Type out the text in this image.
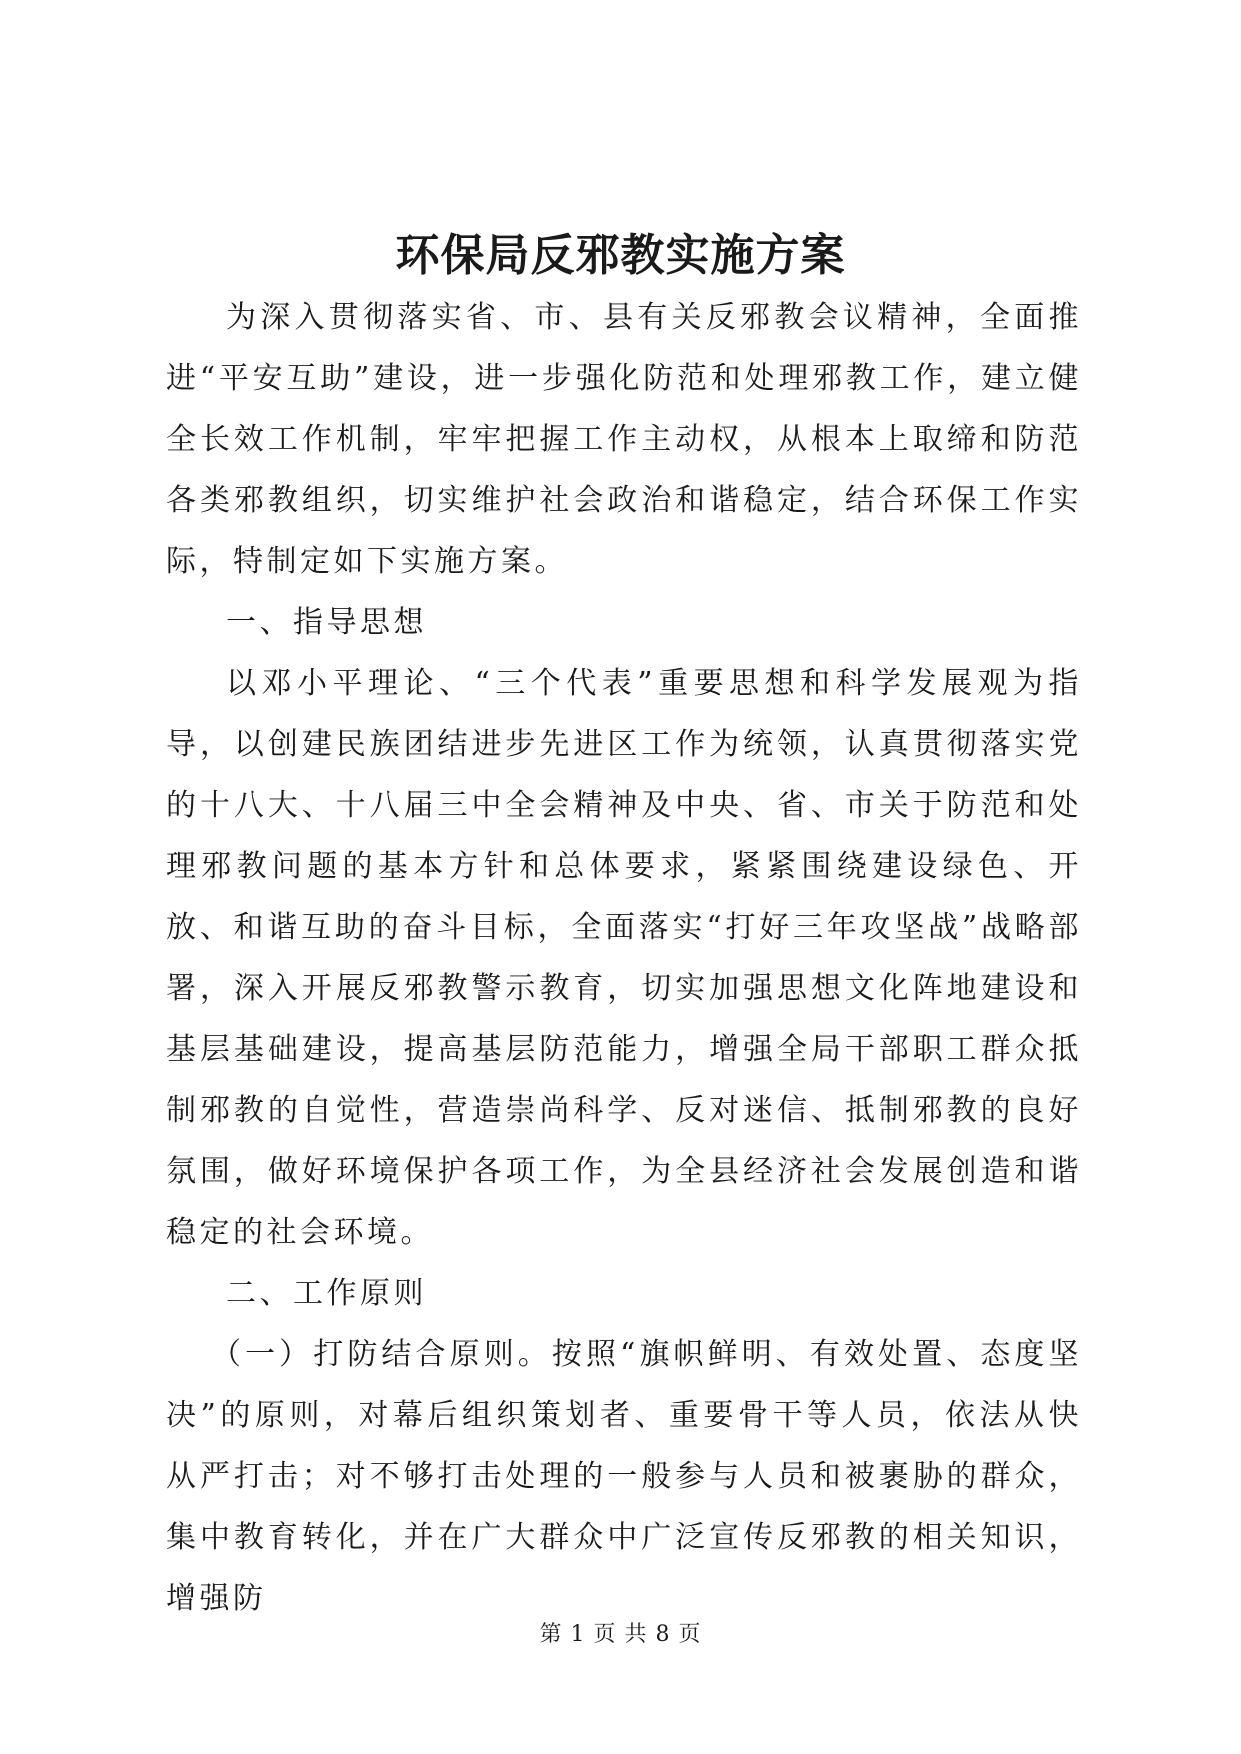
环保局反邪教实施方案

为深入贯彻落实省、市、县有关反邪教会议精神，全面推进“平安互助”建设，进一步强化防范和处理邪教工作，建立健全长效工作机制，牢牢把握工作主动权，从根本上取缔和防范各类邪教组织，切实维护社会政治和谐稳定，结合环保工作实际，特制定如下实施方案。

一、指导思想

以邓小平理论、“三个代表”重要思想和科学发展观为指导，以创建民族团结进步先进区工作为统领，认真贯彻落实党的十八大、十八届三中全会精神及中央、省、市关于防范和处理邪教问题的基本方针和总体要求，紧紧围绕建设绿色、开放、和谐互助的奋斗目标，全面落实“打好三年攻坚战”战略部署，深入开展反邪教警示教育，切实加强思想文化阵地建设和基层基础建设，提高基层防范能力，增强全局干部职工群众抵制邪教的自觉性，营造崇尚科学、反对迷信、抵制邪教的良好氛围，做好环境保护各项工作，为全县经济社会发展创造和谐稳定的社会环境。

二、工作原则

（一）打防结合原则。按照“旗帜鲜明、有效处置、态度坚决”的原则，对幕后组织策划者、重要骨干等人员，依法从快从严打击；对不够打击处理的一般参与人员和被裹胁的群众，集中教育转化，并在广大群众中广泛宣传反邪教的相关知识，增强防

第 1 页 共 8 页
